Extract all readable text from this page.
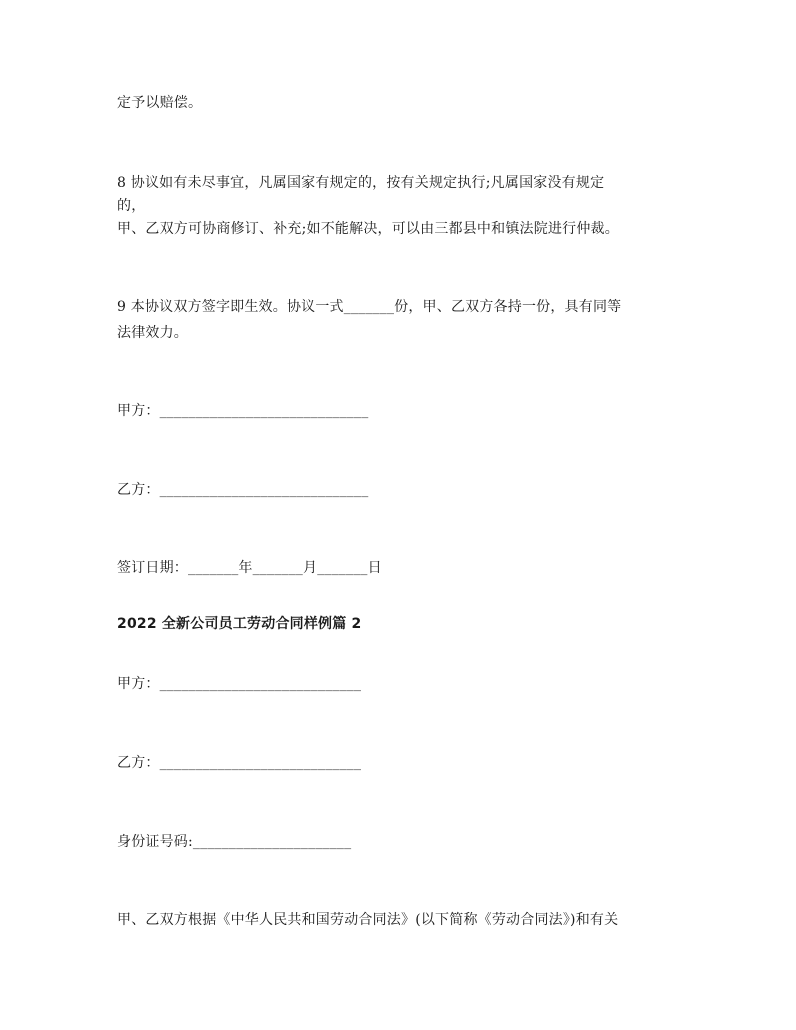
定予以赔偿。
8 协议如有未尽事宜，凡属国家有规定的，按有关规定执行;凡属国家没有规定
的，
甲、乙双方可协商修订、补充;如不能解决，可以由三都县中和镇法院进行仲裁。
9 本协议双方签字即生效。协议一式_______份，甲、乙双方各持一份，具有同等
法律效力。
甲方：_____________________________
乙方：_____________________________
签订日期：_______年_______月_______日
2022 全新公司员工劳动合同样例篇 2
甲方：____________________________
乙方：____________________________
身份证号码:______________________
甲、乙双方根据《中华人民共和国劳动合同法》(以下简称《劳动合同法》)和有关
